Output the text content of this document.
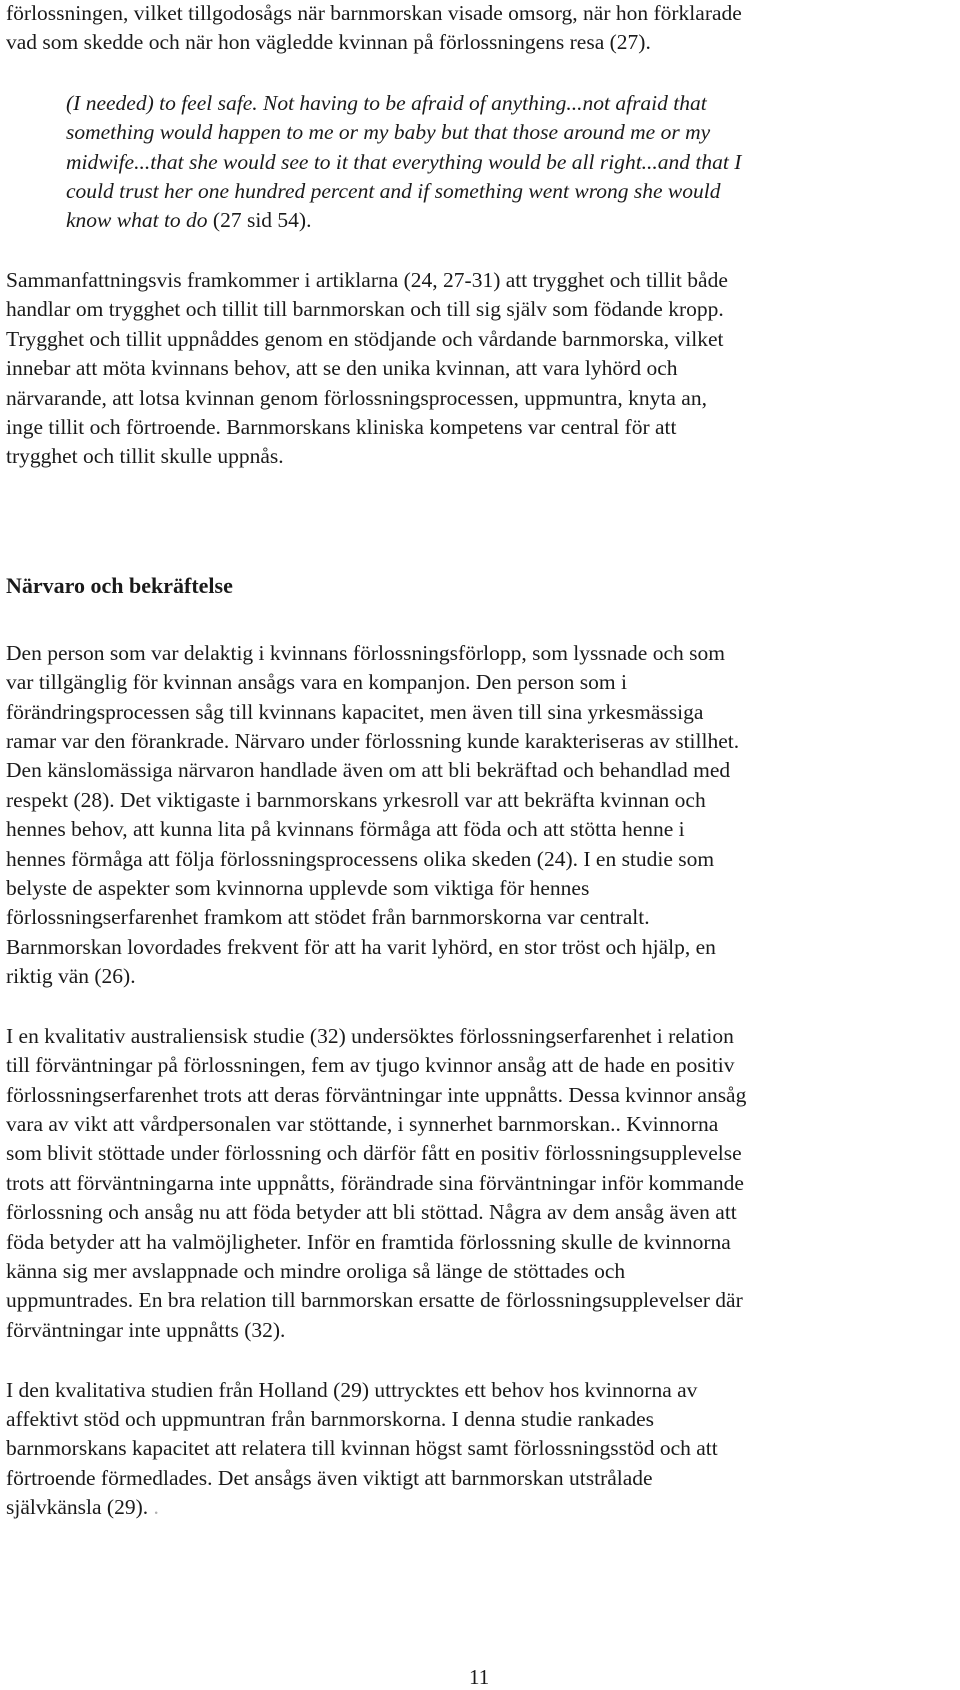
förlossningen, vilket tillgodosågs när barnmorskan visade omsorg, när hon förklarade
vad som skedde och när hon vägledde kvinnan på förlossningens resa (27).
(I needed) to feel safe. Not having to be afraid of anything...not afraid that
something would happen to me or my baby but that those around me or my
midwife...that she would see to it that everything would be all right...and that I
could trust her one hundred percent and if something went wrong she would
know what to do (27 sid 54).
Sammanfattningsvis framkommer i artiklarna (24, 27-31) att trygghet och tillit både
handlar om trygghet och tillit till barnmorskan och till sig själv som födande kropp.
Trygghet och tillit uppnåddes genom en stödjande och vårdande barnmorska, vilket
innebar att möta kvinnans behov, att se den unika kvinnan, att vara lyhörd och
närvarande, att lotsa kvinnan genom förlossningsprocessen, uppmuntra, knyta an,
inge tillit och förtroende. Barnmorskans kliniska kompetens var central för att
trygghet och tillit skulle uppnås.
Närvaro och bekräftelse
Den person som var delaktig i kvinnans förlossningsförlopp, som lyssnade och som
var tillgänglig för kvinnan ansågs vara en kompanjon. Den person som i
förändringsprocessen såg till kvinnans kapacitet, men även till sina yrkesmässiga
ramar var den förankrade. Närvaro under förlossning kunde karakteriseras av stillhet.
Den känslomässiga närvaron handlade även om att bli bekräftad och behandlad med
respekt (28). Det viktigaste i barnmorskans yrkesroll var att bekräfta kvinnan och
hennes behov, att kunna lita på kvinnans förmåga att föda och att stötta henne i
hennes förmåga att följa förlossningsprocessens olika skeden (24). I en studie som
belyste de aspekter som kvinnorna upplevde som viktiga för hennes
förlossningserfarenhet framkom att stödet från barnmorskorna var centralt.
Barnmorskan lovordades frekvent för att ha varit lyhörd, en stor tröst och hjälp, en
riktig vän (26).
I en kvalitativ australiensisk studie (32) undersöktes förlossningserfarenhet i relation
till förväntningar på förlossningen, fem av tjugo kvinnor ansåg att de hade en positiv
förlossningserfarenhet trots att deras förväntningar inte uppnåtts. Dessa kvinnor ansåg
vara av vikt att vårdpersonalen var stöttande, i synnerhet barnmorskan.. Kvinnorna
som blivit stöttade under förlossning och därför fått en positiv förlossningsupplevelse
trots att förväntningarna inte uppnåtts, förändrade sina förväntningar inför kommande
förlossning och ansåg nu att föda betyder att bli stöttad. Några av dem ansåg även att
föda betyder att ha valmöjligheter. Inför en framtida förlossning skulle de kvinnorna
känna sig mer avslappnade och mindre oroliga så länge de stöttades och
uppmuntrades. En bra relation till barnmorskan ersatte de förlossningsupplevelser där
förväntningar inte uppnåtts (32).
I den kvalitativa studien från Holland (29) uttrycktes ett behov hos kvinnorna av
affektivt stöd och uppmuntran från barnmorskorna. I denna studie rankades
barnmorskans kapacitet att relatera till kvinnan högst samt förlossningsstöd och att
förtroende förmedlades. Det ansågs även viktigt att barnmorskan utstrålade
självkänsla (29). .
11
